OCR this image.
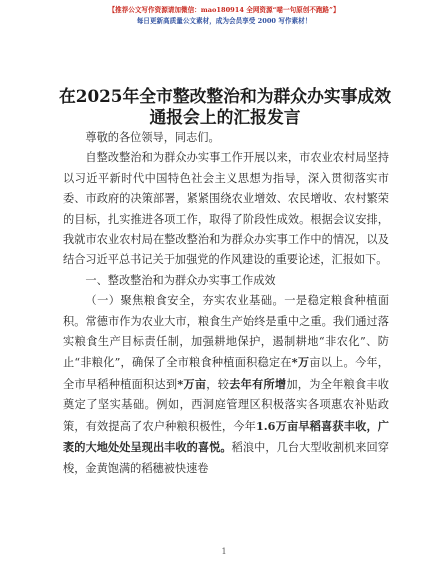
【推荐公文写作资源请加微信：mao180914 全网资源“喵一句原创不跑路”】
每日更新高质量公文素材，成为会员享受 2000 写作素材！
在2025年全市整改整治和为群众办实事成效通报会上的汇报发言

尊敬的各位领导，同志们。

自整改整治和为群众办实事工作开展以来，市农业农村局坚持以习近平新时代中国特色社会主义思想为指导，深入贯彻落实市委、市政府的决策部署，紧紧围绕农业增效、农民增收、农村繁荣的目标，扎实推进各项工作，取得了阶段性成效。根据会议安排，我就市农业农村局在整改整治和为群众办实事工作中的情况，以及结合习近平总书记关于加强党的作风建设的重要论述，汇报如下。

一、整改整治和为群众办实事工作成效

（一）聚焦粮食安全，夯实农业基础。一是稳定粮食种植面积。常德市作为农业大市，粮食生产始终是重中之重。我们通过落实粮食生产目标责任制，加强耕地保护，遏制耕地“非农化”、防止“非粮化”，确保了全市粮食种植面积稳定在*万亩以上。今年，全市早稻种植面积达到*万亩，较去年有所增加，为全年粮食丰收奠定了坚实基础。例如，西洞庭管理区积极落实各项惠农补贴政策，有效提高了农户种粮积极性，今年1.6万亩早稻喜获丰收，广袤的大地处处呈现出丰收的喜悦。稻浪中，几台大型收割机来回穿梭，金黄饱满的稻穗被快速卷

1
